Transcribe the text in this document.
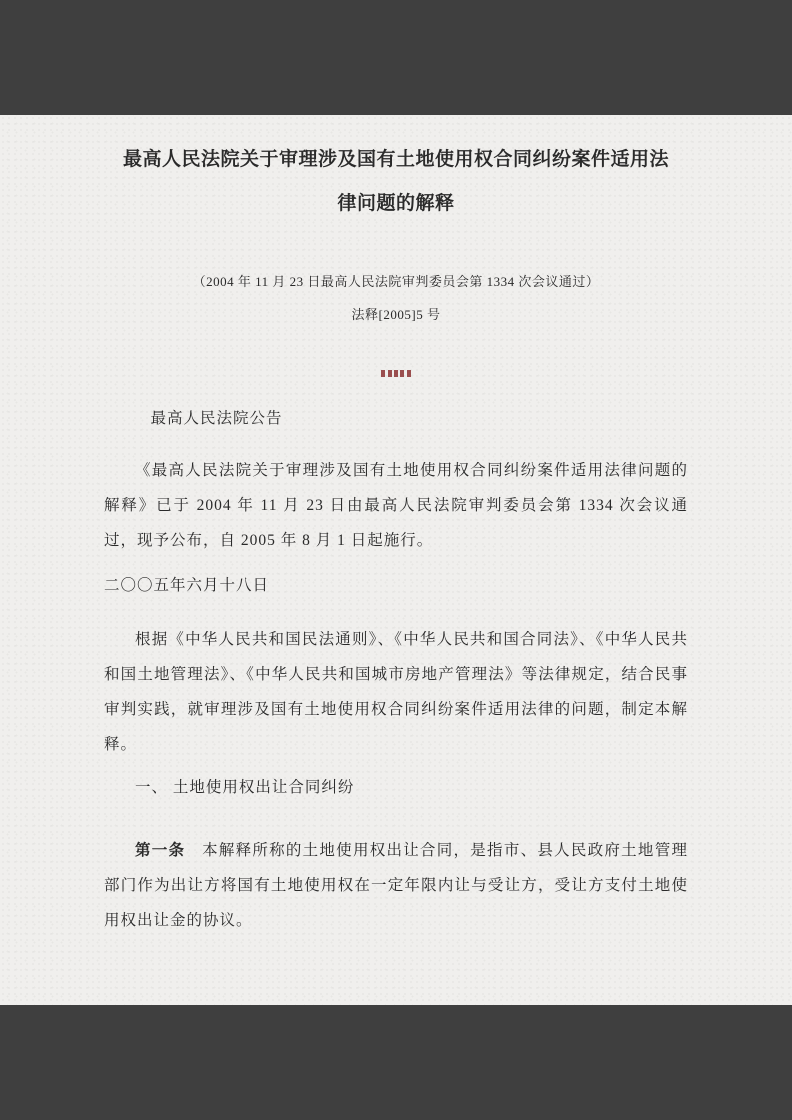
最高人民法院关于审理涉及国有土地使用权合同纠纷案件适用法
律问题的解释
（2004 年 11 月 23 日最高人民法院审判委员会第 1334 次会议通过）
法释[2005]5 号
最高人民法院公告
《最高人民法院关于审理涉及国有土地使用权合同纠纷案件适用法律问题的解释》已于 2004 年 11 月 23 日由最高人民法院审判委员会第 1334 次会议通过，现予公布，自 2005 年 8 月 1 日起施行。
二〇〇五年六月十八日
根据《中华人民共和国民法通则》、《中华人民共和国合同法》、《中华人民共和国土地管理法》、《中华人民共和国城市房地产管理法》等法律规定，结合民事审判实践，就审理涉及国有土地使用权合同纠纷案件适用法律的问题，制定本解释。
一、 土地使用权出让合同纠纷
第一条　 本解释所称的土地使用权出让合同，是指市、县人民政府土地管理部门作为出让方将国有土地使用权在一定年限内让与受让方，受让方支付土地使用权出让金的协议。
